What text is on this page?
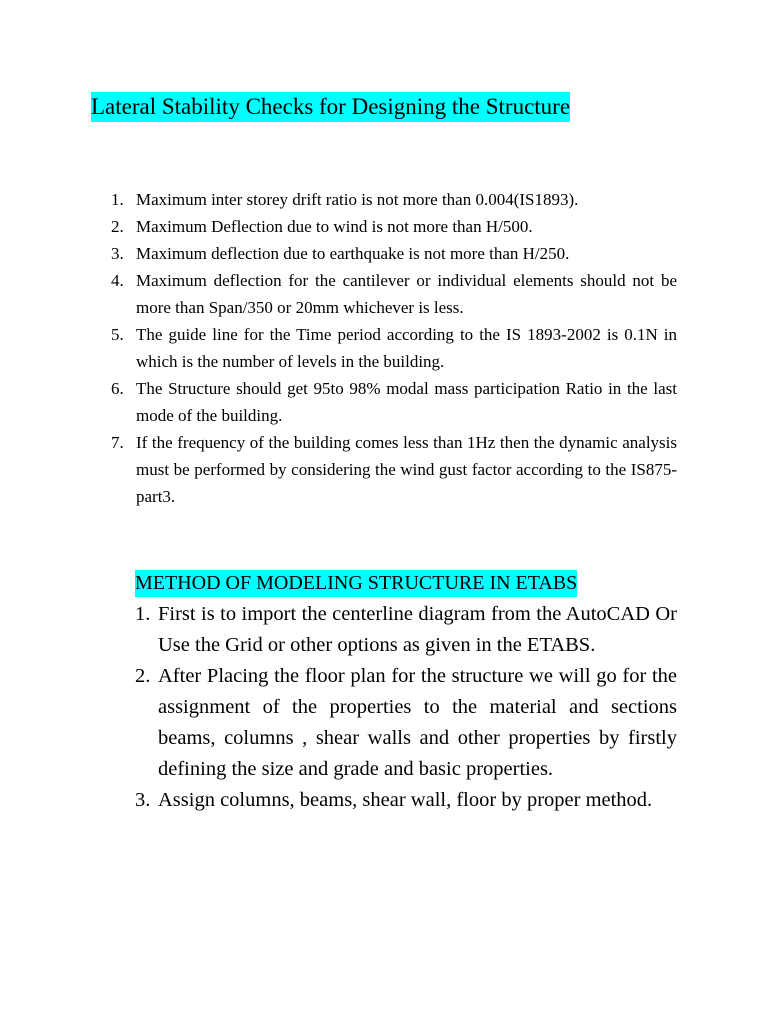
Lateral Stability Checks for Designing the Structure
1. Maximum inter storey drift ratio is not more than 0.004(IS1893).
2. Maximum Deflection due to wind is not more than H/500.
3. Maximum deflection due to earthquake is not more than H/250.
4. Maximum deflection for the cantilever or individual elements should not be more than Span/350 or 20mm whichever is less.
5. The guide line for the Time period according to the IS 1893-2002 is 0.1N in which is the number of levels in the building.
6. The Structure should get 95to 98% modal mass participation Ratio in the last mode of the building.
7. If the frequency of the building comes less than 1Hz then the dynamic analysis must be performed by considering the wind gust factor according to the IS875- part3.
METHOD OF MODELING STRUCTURE IN ETABS
1. First is to import the centerline diagram from the AutoCAD Or Use the Grid or other options as given in the ETABS.
2. After Placing the floor plan for the structure we will go for the assignment of the properties to the material and sections beams, columns , shear walls and other properties by firstly defining the size and grade and basic properties.
3. Assign columns, beams, shear wall, floor by proper method.
